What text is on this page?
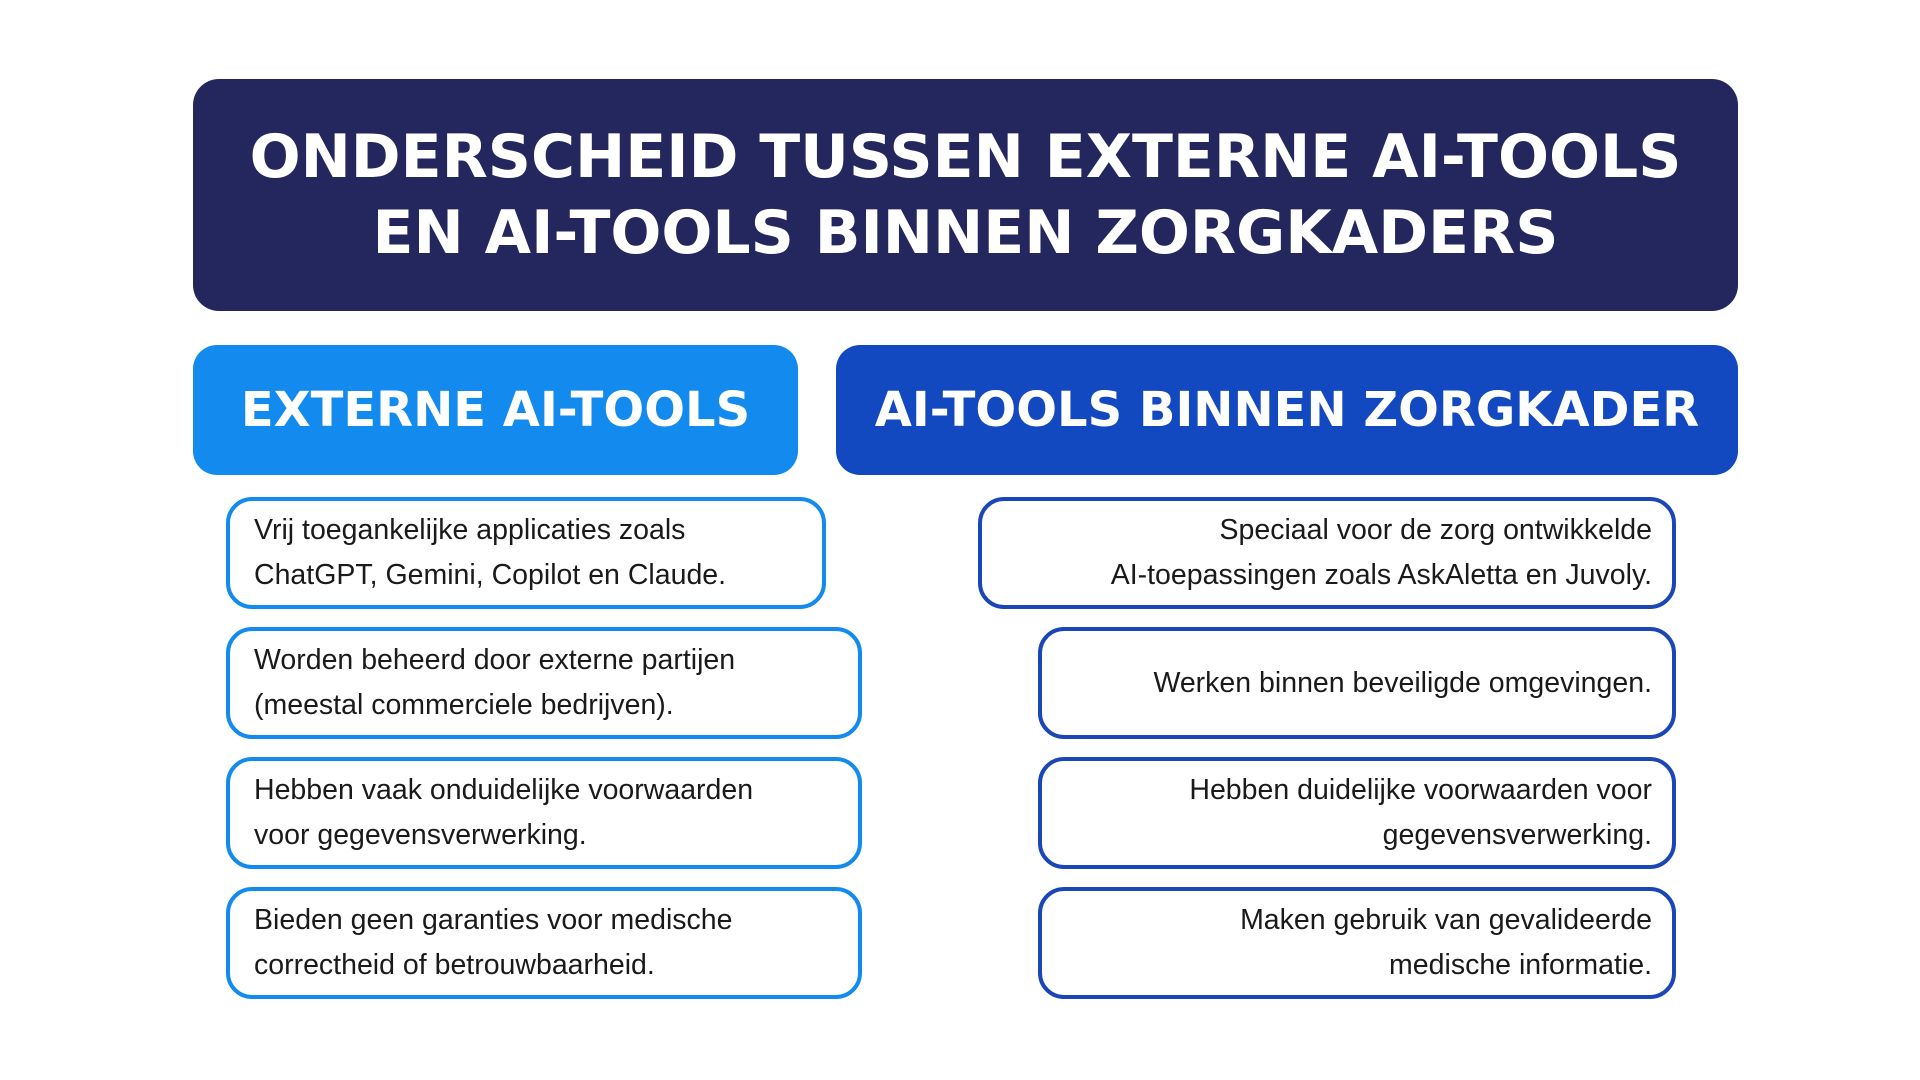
ONDERSCHEID TUSSEN EXTERNE AI-TOOLS
EN AI-TOOLS BINNEN ZORGKADERS

EXTERNE AI-TOOLS	AI-TOOLS BINNEN ZORGKADER
Vrij toegankelijke applicaties zoals
ChatGPT, Gemini, Copilot en Claude.
Worden beheerd door externe partijen
(meestal commerciele bedrijven).
Hebben vaak onduidelijke voorwaarden
voor gegevensverwerking.
Bieden geen garanties voor medische
correctheid of betrouwbaarheid.
Speciaal voor de zorg ontwikkelde
AI-toepassingen zoals AskAletta en Juvoly.
Werken binnen beveiligde omgevingen.
Hebben duidelijke voorwaarden voor
gegevensverwerking.
Maken gebruik van gevalideerde
medische informatie.
